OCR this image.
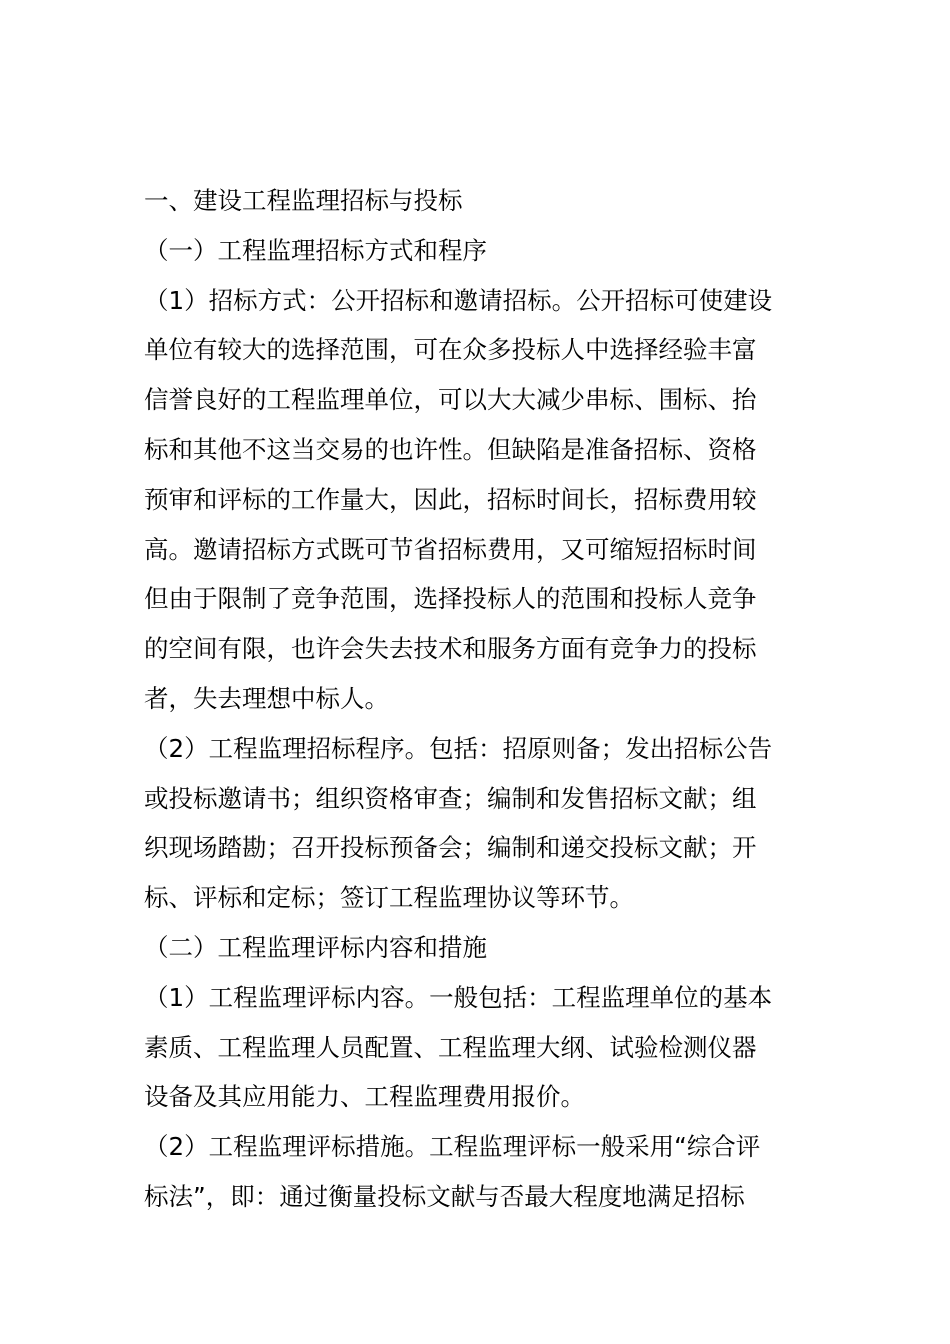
一、建设工程监理招标与投标
（一）工程监理招标方式和程序
（1）招标方式：公开招标和邀请招标。公开招标可使建设
单位有较大的选择范围，可在众多投标人中选择经验丰富
信誉良好的工程监理单位，可以大大减少串标、围标、抬
标和其他不这当交易的也许性。但缺陷是准备招标、资格
预审和评标的工作量大，因此，招标时间长，招标费用较
高。邀请招标方式既可节省招标费用，又可缩短招标时间
但由于限制了竞争范围，选择投标人的范围和投标人竞争
的空间有限，也许会失去技术和服务方面有竞争力的投标
者，失去理想中标人。
（2）工程监理招标程序。包括：招原则备；发出招标公告
或投标邀请书；组织资格审查；编制和发售招标文献；组
织现场踏勘；召开投标预备会；编制和递交投标文献；开
标、评标和定标；签订工程监理协议等环节。
（二）工程监理评标内容和措施
（1）工程监理评标内容。一般包括：工程监理单位的基本
素质、工程监理人员配置、工程监理大纲、试验检测仪器
设备及其应用能力、工程监理费用报价。
（2）工程监理评标措施。工程监理评标一般采用“综合评
标法”，即：通过衡量投标文献与否最大程度地满足招标
